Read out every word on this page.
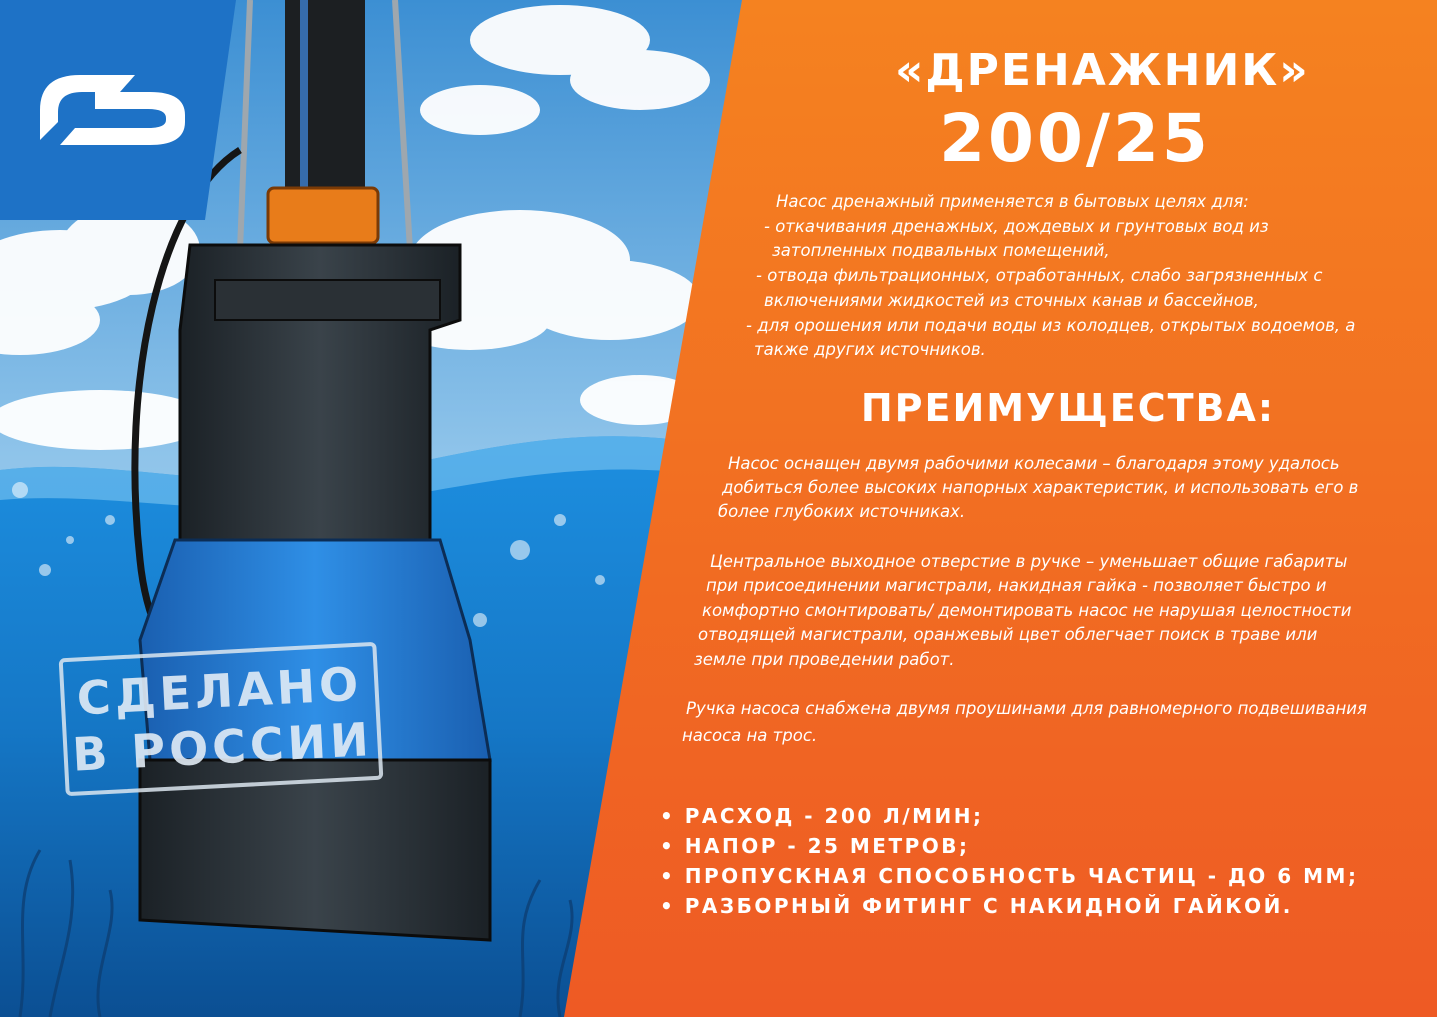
«ДРЕНАЖНИК»
200/25
Насос дренажный применяется в бытовых целях для:
- откачивания дренажных, дождевых и грунтовых вод из
затопленных подвальных помещений,
- отвода фильтрационных, отработанных, слабо загрязненных с
включениями жидкостей из сточных канав и бассейнов,
- для орошения или подачи воды из колодцев, открытых водоемов, а
также других источников.
ПРЕИМУЩЕСТВА:
Насос оснащен двумя рабочими колесами – благодаря этому удалось
добиться более высоких напорных характеристик, и использовать его в
более глубоких источниках.
Центральное выходное отверстие в ручке – уменьшает общие габариты
при присоединении магистрали, накидная гайка - позволяет быстро и
комфортно смонтировать/ демонтировать насос не нарушая целостности
отводящей магистрали, оранжевый цвет облегчает поиск в траве или
земле при проведении работ.
Ручка насоса снабжена двумя проушинами для равномерного подвешивания
насоса на трос.
• РАСХОД - 200 Л/МИН;
• НАПОР - 25 МЕТРОВ;
• ПРОПУСКНАЯ СПОСОБНОСТЬ ЧАСТИЦ - ДО 6 ММ;
• РАЗБОРНЫЙ ФИТИНГ С НАКИДНОЙ ГАЙКОЙ.
СДЕЛАНО
В РОССИИ
